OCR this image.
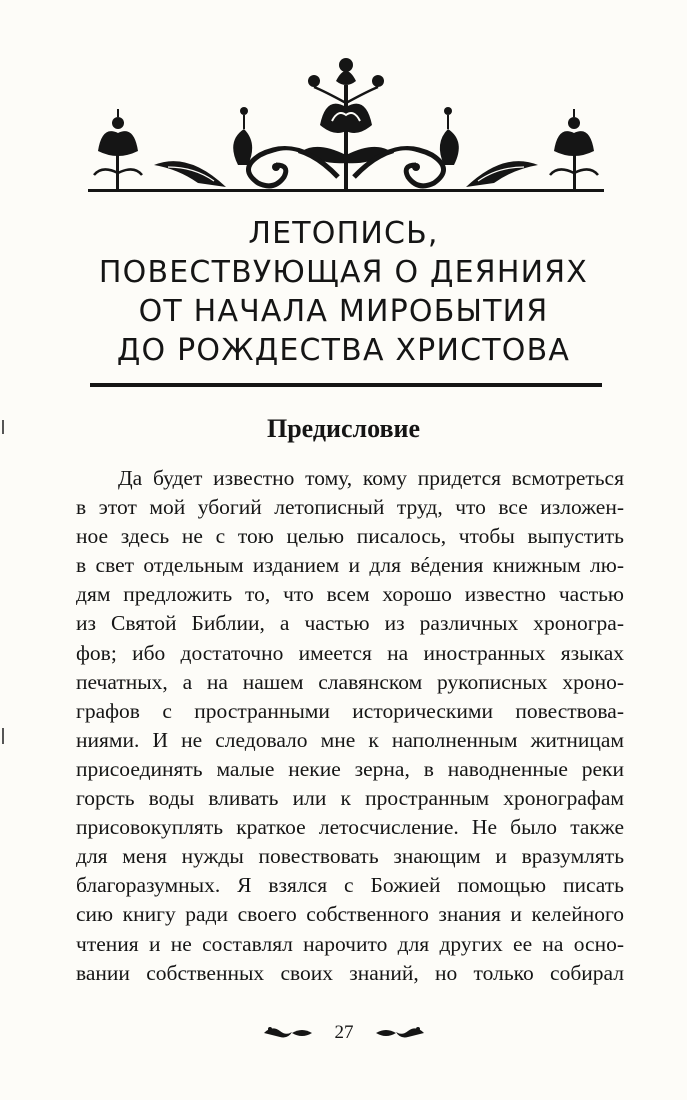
ЛЕТОПИСЬ,
ПОВЕСТВУЮЩАЯ О ДЕЯНИЯХ
ОТ НАЧАЛА МИРОБЫТИЯ
ДО РОЖДЕСТВА ХРИСТОВА
Предисловие
Да будет известно тому, кому придется всмотреться
в этот мой убогий летописный труд, что все изложен-
ное здесь не с тою целью писалось, чтобы выпустить
в свет отдельным изданием и для вéдения книжным лю-
дям предложить то, что всем хорошо известно частью
из Святой Библии, а частью из различных хроногра-
фов; ибо достаточно имеется на иностранных языках
печатных, а на нашем славянском рукописных хроно-
графов с пространными историческими повествова-
ниями. И не следовало мне к наполненным житницам
присоединять малые некие зерна, в наводненные реки
горсть воды вливать или к пространным хронографам
присовокуплять краткое летосчисление. Не было также
для меня нужды повествовать знающим и вразумлять
благоразумных. Я взялся с Божией помощью писать
сию книгу ради своего собственного знания и келейного
чтения и не составлял нарочито для других ее на осно-
вании собственных своих знаний, но только собирал
27
